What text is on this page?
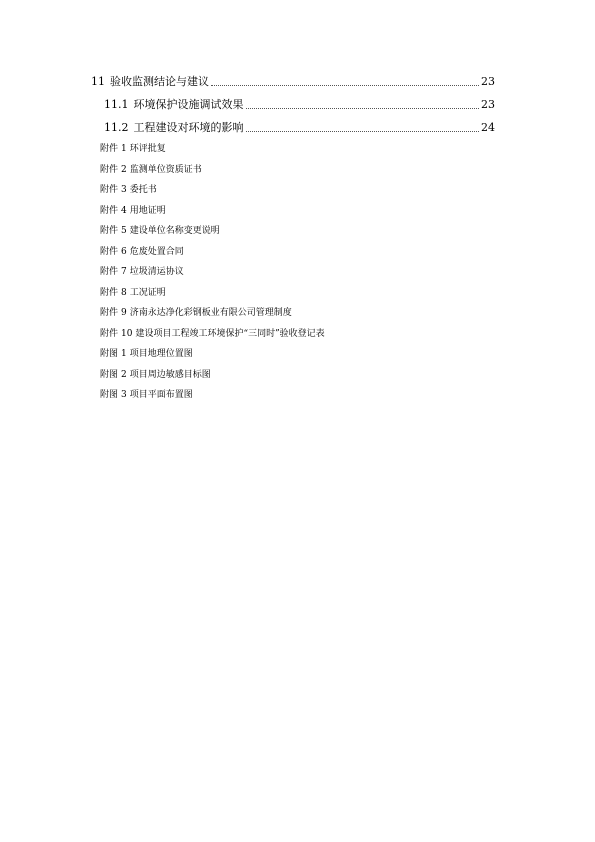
11 验收监测结论与建议	23
11.1 环境保护设施调试效果	23
11.2 工程建设对环境的影响	24
附件 1 环评批复
附件 2 监测单位资质证书
附件 3 委托书
附件 4 用地证明
附件 5 建设单位名称变更说明
附件 6 危废处置合同
附件 7 垃圾清运协议
附件 8 工况证明
附件 9 济南永达净化彩钢板业有限公司管理制度
附件 10 建设项目工程竣工环境保护“三同时”验收登记表
附图 1 项目地理位置图
附图 2 项目周边敏感目标图
附图 3 项目平面布置图
